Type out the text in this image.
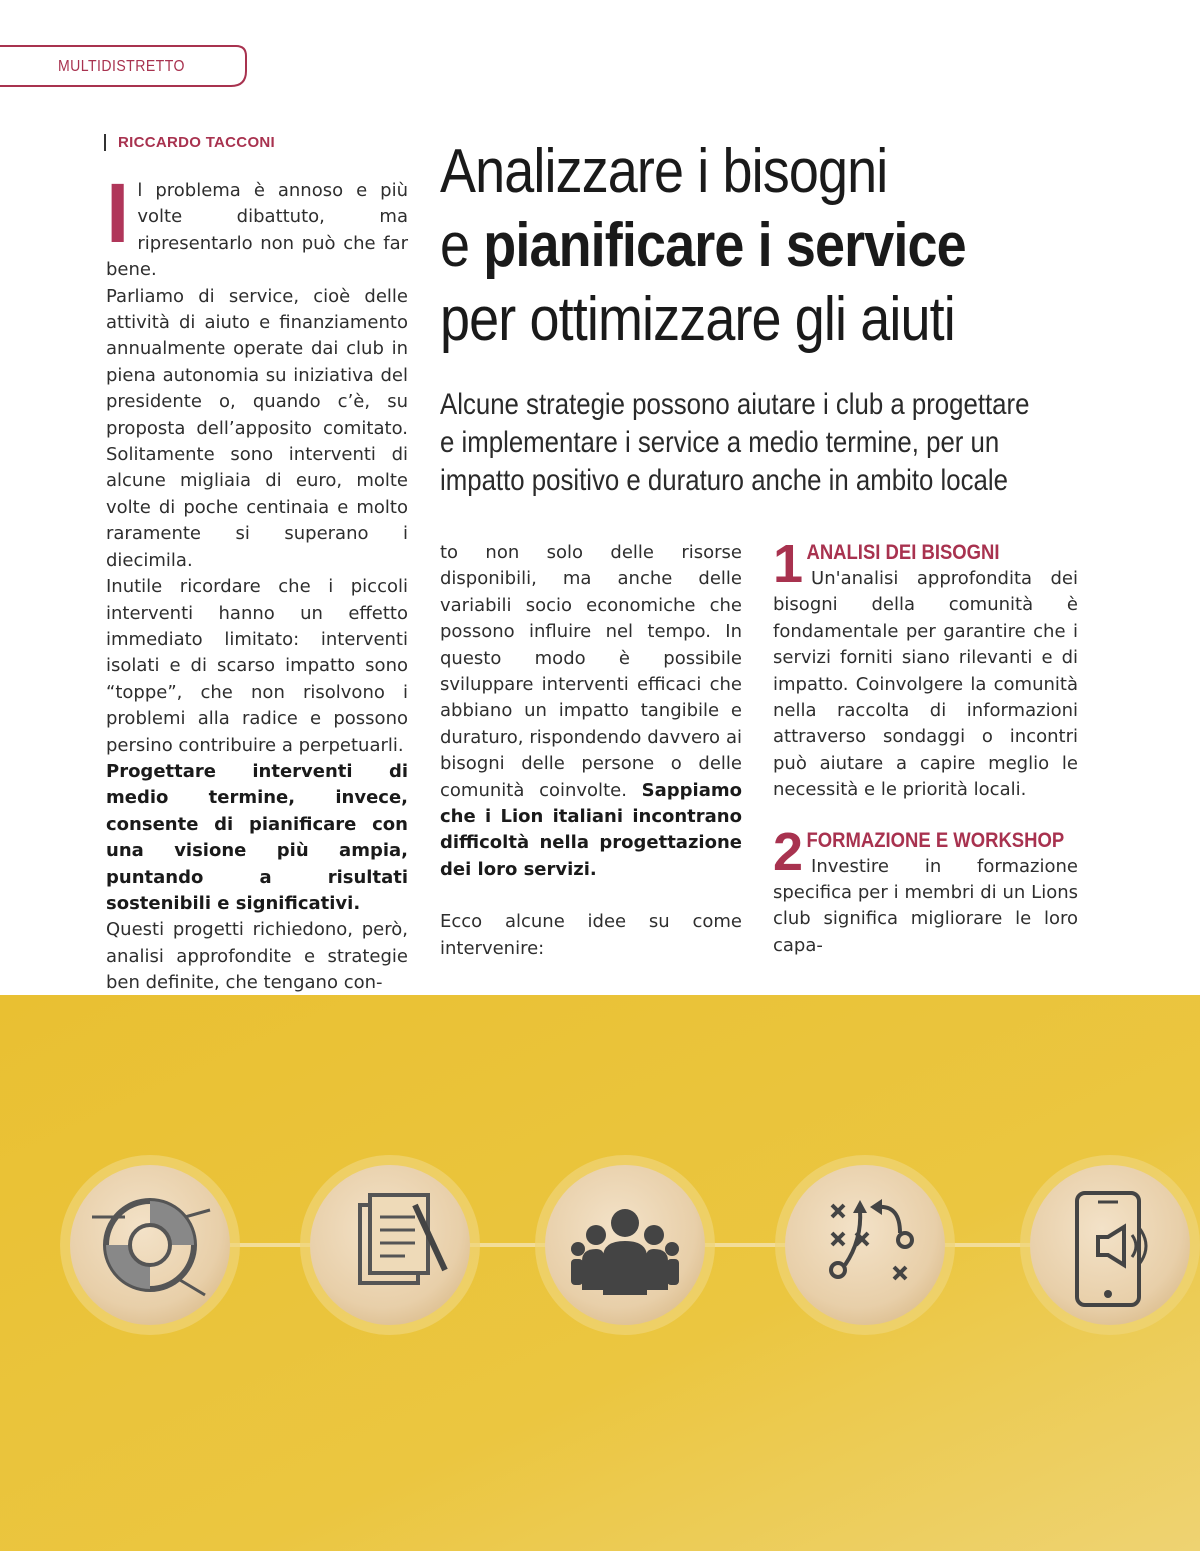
MULTIDISTRETTO
RICCARDO TACCONI	Analizzare i bisogni
e pianificare i service
per ottimizzare gli aiuti
Alcune strategie possono aiutare i club a progettare
e implementare i service a medio termine, per un
impatto positivo e duraturo anche in ambito locale
I l problema è annoso e più volte dibattuto, ma ripresentarlo non può che far bene.

Parliamo di service, cioè delle attività di aiuto e finanziamento annualmente operate dai club in piena autonomia su iniziativa del presidente o, quando c’è, su proposta dell’apposito comitato. Solitamente sono interventi di alcune migliaia di euro, molte volte di poche centinaia e molto raramente si superano i diecimila.

Inutile ricordare che i piccoli interventi hanno un effetto immediato limitato: interventi isolati e di scarso impatto sono “toppe”, che non risolvono i problemi alla radice e possono persino contribuire a perpetuarli.

Progettare interventi di medio termine, invece, consente di pianificare con una visione più ampia, puntando a risultati sostenibili e significativi.

Questi progetti richiedono, però, analisi approfondite e strategie ben definite, che tengano con-

to non solo delle risorse disponibili, ma anche delle variabili socio economiche che possono influire nel tempo. In questo modo è possibile sviluppare interventi efficaci che abbiano un impatto tangibile e duraturo, rispondendo davvero ai bisogni delle persone o delle comunità coinvolte. Sappiamo che i Lion italiani incontrano difficoltà nella progettazione dei loro servizi.

Ecco alcune idee su come intervenire:

1 ANALISI DEI BISOGNI
Un'analisi approfondita dei bisogni della comunità è fondamentale per garantire che i servizi forniti siano rilevanti e di impatto. Coinvolgere la comunità nella raccolta di informazioni attraverso sondaggi o incontri può aiutare a capire meglio le necessità e le priorità locali.
2 FORMAZIONE E WORKSHOP
Investire in formazione specifica per i membri di un Lions club significa migliorare le loro capa-
